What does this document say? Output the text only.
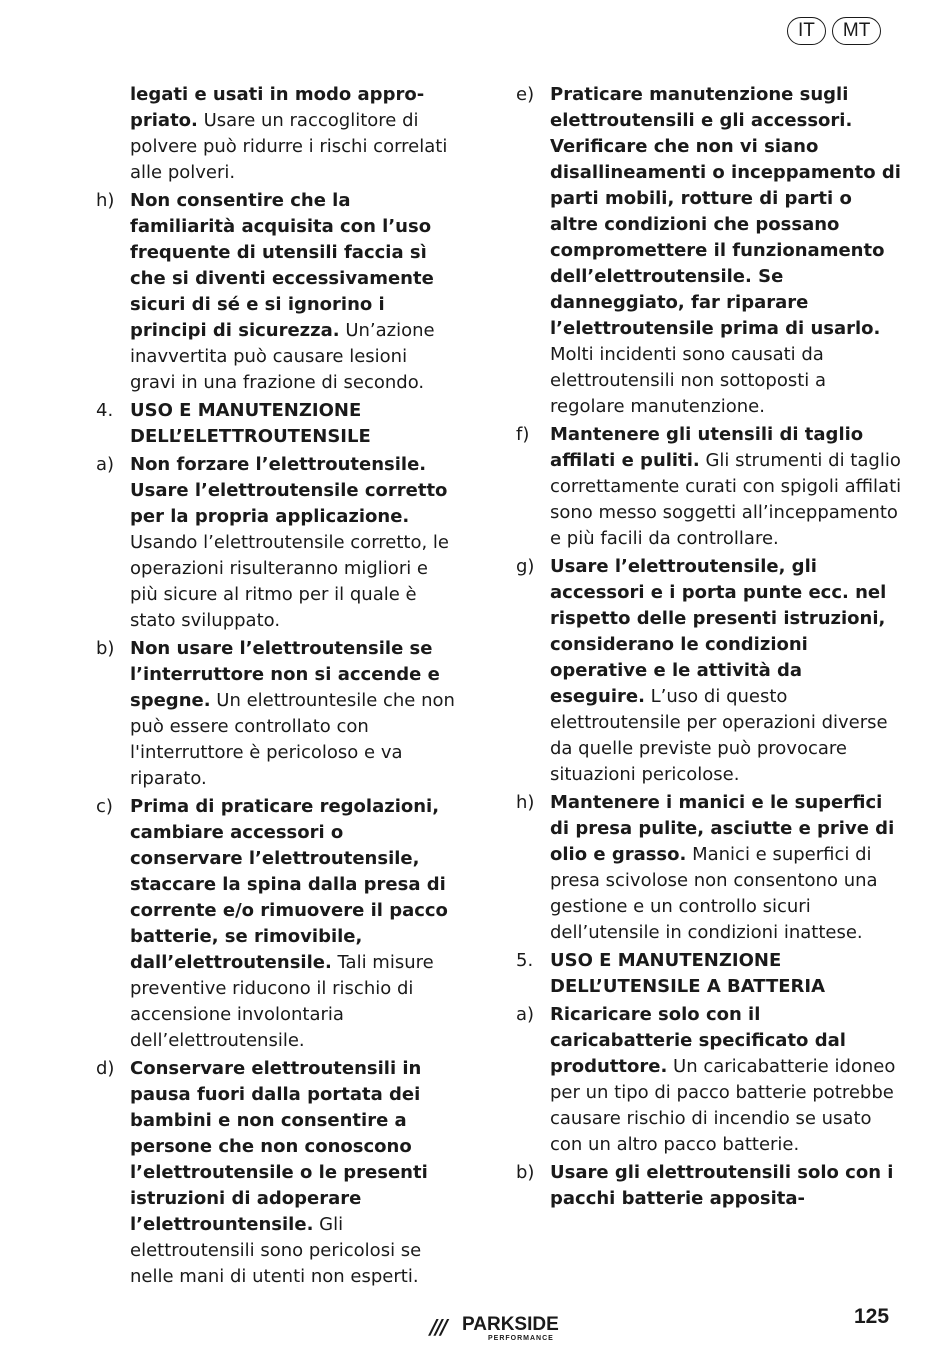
IT	MT
legati e usati in modo appro-priato. Usare un raccoglitore di polvere può ridurre i rischi correlati alle polveri.
h) Non consentire che la familiarità acquisita con l’uso frequente di utensili faccia sì che si diventi eccessivamente sicuri di sé e si ignorino i principi di sicurezza. Un’azione inavvertita può causare lesioni gravi in una frazione di secondo.
4. USO E MANUTENZIONE DELL’ELETTROUTENSILE
a) Non forzare l’elettroutensile. Usare l’elettroutensile corretto per la propria applicazione. Usando l’elettroutensile corretto, le operazioni risulteranno migliori e più sicure al ritmo per il quale è stato sviluppato.
b) Non usare l’elettroutensile se l’interruttore non si accende e spegne. Un elettrountesile che non può essere controllato con l'interruttore è pericoloso e va riparato.
c) Prima di praticare regolazioni, cambiare accessori o conservare l’elettroutensile, staccare la spina dalla presa di corrente e/o rimuovere il pacco batterie, se rimovibile, dall’elettroutensile. Tali misure preventive riducono il rischio di accensione involontaria dell’elettroutensile.
d) Conservare elettroutensili in pausa fuori dalla portata dei bambini e non consentire a persone che non conoscono l’elettroutensile o le presenti istruzioni di adoperare l’elettrountensile. Gli elettroutensili sono pericolosi se nelle mani di utenti non esperti.
e) Praticare manutenzione sugli elettroutensili e gli accessori. Verificare che non vi siano disallineamenti o inceppamento di parti mobili, rotture di parti o altre condizioni che possano compromettere il funzionamento dell’elettroutensile. Se danneggiato, far riparare l’elettroutensile prima di usarlo. Molti incidenti sono causati da elettroutensili non sottoposti a regolare manutenzione.
f) Mantenere gli utensili di taglio affilati e puliti. Gli strumenti di taglio correttamente curati con spigoli affilati sono messo soggetti all’inceppamento e più facili da controllare.
g) Usare l’elettroutensile, gli accessori e i porta punte ecc. nel rispetto delle presenti istruzioni, considerano le condizioni operative e le attività da eseguire. L’uso di questo elettroutensile per operazioni diverse da quelle previste può provocare situazioni pericolose.
h) Mantenere i manici e le superfici di presa pulite, asciutte e prive di olio e grasso. Manici e superfici di presa scivolose non consentono una gestione e un controllo sicuri dell’utensile in condizioni inattese.
5. USO E MANUTENZIONE DELL’UTENSILE A BATTERIA
a) Ricaricare solo con il caricabatterie specificato dal produttore. Un caricabatterie idoneo per un tipo di pacco batterie potrebbe causare rischio di incendio se usato con un altro pacco batterie.
b) Usare gli elettroutensili solo con i pacchi batterie apposita-
/// PARKSIDE
PERFORMANCE
125
